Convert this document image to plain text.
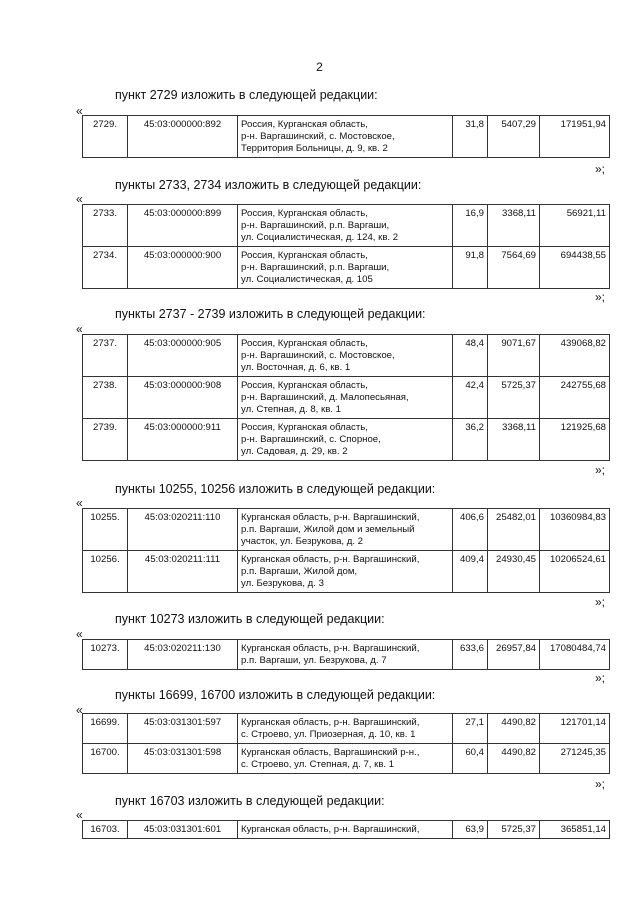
2
пункт 2729 изложить в следующей редакции:
«
2729.	45:03:000000:892	Россия, Курганская область,
р-н. Варгашинский, с. Мостовское,
Территория Больницы, д. 9, кв. 2
	31,8	5407,29	171951,94
»;
пункты 2733, 2734 изложить в следующей редакции:
«
2733.	45:03:000000:899	Россия, Курганская область,
р-н. Варгашинский, р.п. Варгаши,
ул. Социалистическая, д. 124, кв. 2	16,9	3368,11	56921,11
2734.	45:03:000000:900	Россия, Курганская область,
р-н. Варгашинский, р.п. Варгаши,
ул. Социалистическая, д. 105	91,8	7564,69	694438,55
»;
пункты 2737 - 2739 изложить в следующей редакции:
«
2737.	45:03:000000:905	Россия, Курганская область,
р-н. Варгашинский, с. Мостовское,
ул. Восточная, д. 6, кв. 1	48,4	9071,67	439068,82
2738.	45:03:000000:908	Россия, Курганская область,
р-н. Варгашинский, д. Малопесьяная,
ул. Степная, д. 8, кв. 1	42,4	5725,37	242755,68
2739.	45:03:000000:911	Россия, Курганская область,
р-н. Варгашинский, с. Спорное,
ул. Садовая, д. 29, кв. 2	36,2	3368,11	121925,68
»;
пункты 10255, 10256 изложить в следующей редакции:
«
10255.	45:03:020211:110	Курганская область, р-н. Варгашинский,
р.п. Варгаши, Жилой дом и земельный
участок, ул. Безрукова, д. 2	406,6	25482,01	10360984,83
10256.	45:03:020211:111	Курганская область, р-н. Варгашинский,
р.п. Варгаши, Жилой дом,
ул. Безрукова, д. 3	409,4	24930,45	10206524,61
»;
пункт 10273 изложить в следующей редакции:
«
10273.	45:03:020211:130	Курганская область, р-н. Варгашинский,
р.п. Варгаши, ул. Безрукова, д. 7
	633,6	26957,84	17080484,74
»;
пункты 16699, 16700 изложить в следующей редакции:
«
16699.	45:03:031301:597	Курганская область, р-н. Варгашинский,
с. Строево, ул. Приозерная, д. 10, кв. 1	27,1	4490,82	121701,14
16700.	45:03:031301:598	Курганская область, Варгашинский р-н.,
с. Строево, ул. Степная, д. 7, кв. 1	60,4	4490,82	271245,35
»;
пункт 16703 изложить в следующей редакции:
«
16703.	45:03:031301:601	Курганская область, р-н. Варгашинский,	63,9	5725,37	365851,14
